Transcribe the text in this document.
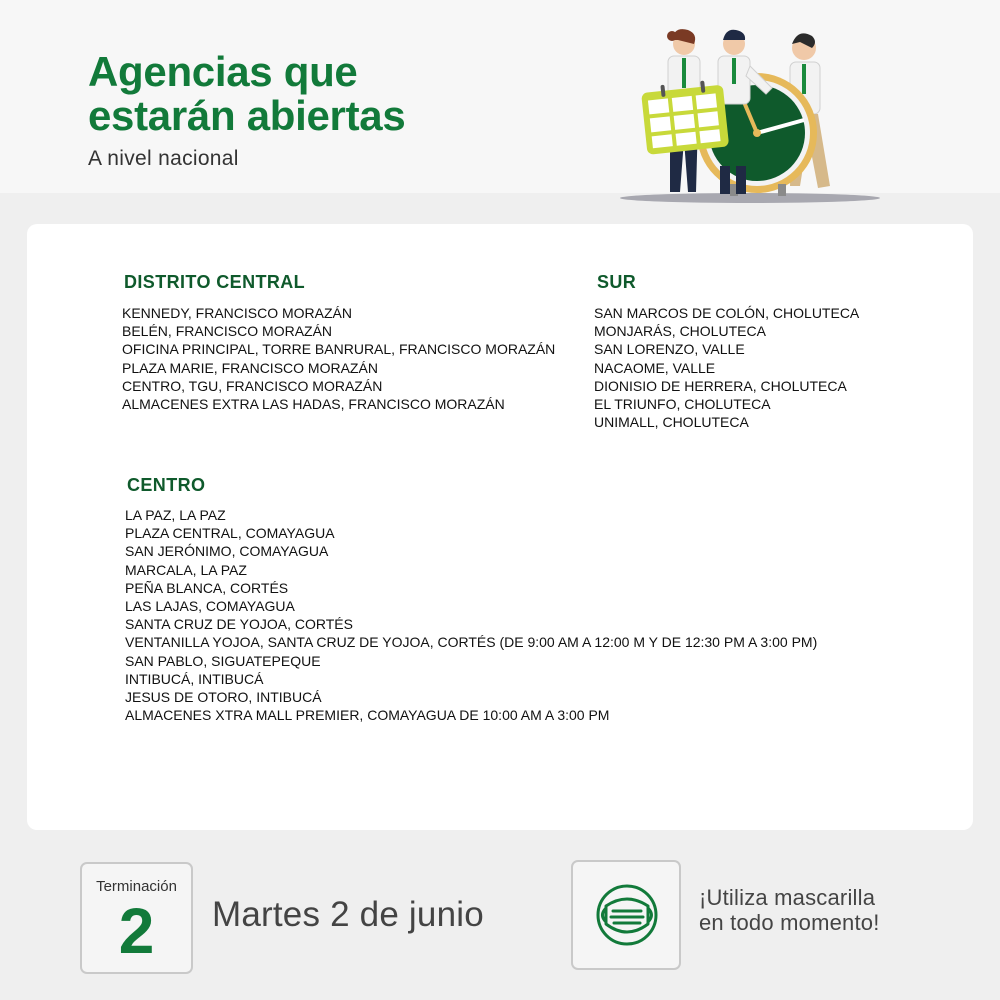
Agencias que
estarán abiertas

A nivel nacional

DISTRITO CENTRAL
KENNEDY, FRANCISCO MORAZÁN
BELÉN, FRANCISCO MORAZÁN
OFICINA PRINCIPAL, TORRE BANRURAL, FRANCISCO MORAZÁN
PLAZA MARIE, FRANCISCO MORAZÁN
CENTRO, TGU, FRANCISCO MORAZÁN
ALMACENES EXTRA LAS HADAS, FRANCISCO MORAZÁN
SUR
SAN MARCOS DE COLÓN, CHOLUTECA
MONJARÁS, CHOLUTECA
SAN LORENZO, VALLE
NACAOME, VALLE
DIONISIO DE HERRERA, CHOLUTECA
EL TRIUNFO, CHOLUTECA
UNIMALL, CHOLUTECA
CENTRO
LA PAZ, LA PAZ
PLAZA CENTRAL, COMAYAGUA
SAN JERÓNIMO, COMAYAGUA
MARCALA, LA PAZ
PEÑA BLANCA, CORTÉS
LAS LAJAS, COMAYAGUA
SANTA CRUZ DE YOJOA, CORTÉS
VENTANILLA YOJOA, SANTA CRUZ DE YOJOA, CORTÉS (DE 9:00 AM A 12:00 M Y DE 12:30 PM A 3:00 PM)
SAN PABLO, SIGUATEPEQUE
INTIBUCÁ, INTIBUCÁ
JESUS DE OTORO, INTIBUCÁ
ALMACENES XTRA MALL PREMIER, COMAYAGUA DE 10:00 AM A 3:00 PM
Terminación
2	Martes 2 de junio	¡Utiliza mascarilla
en todo momento!
